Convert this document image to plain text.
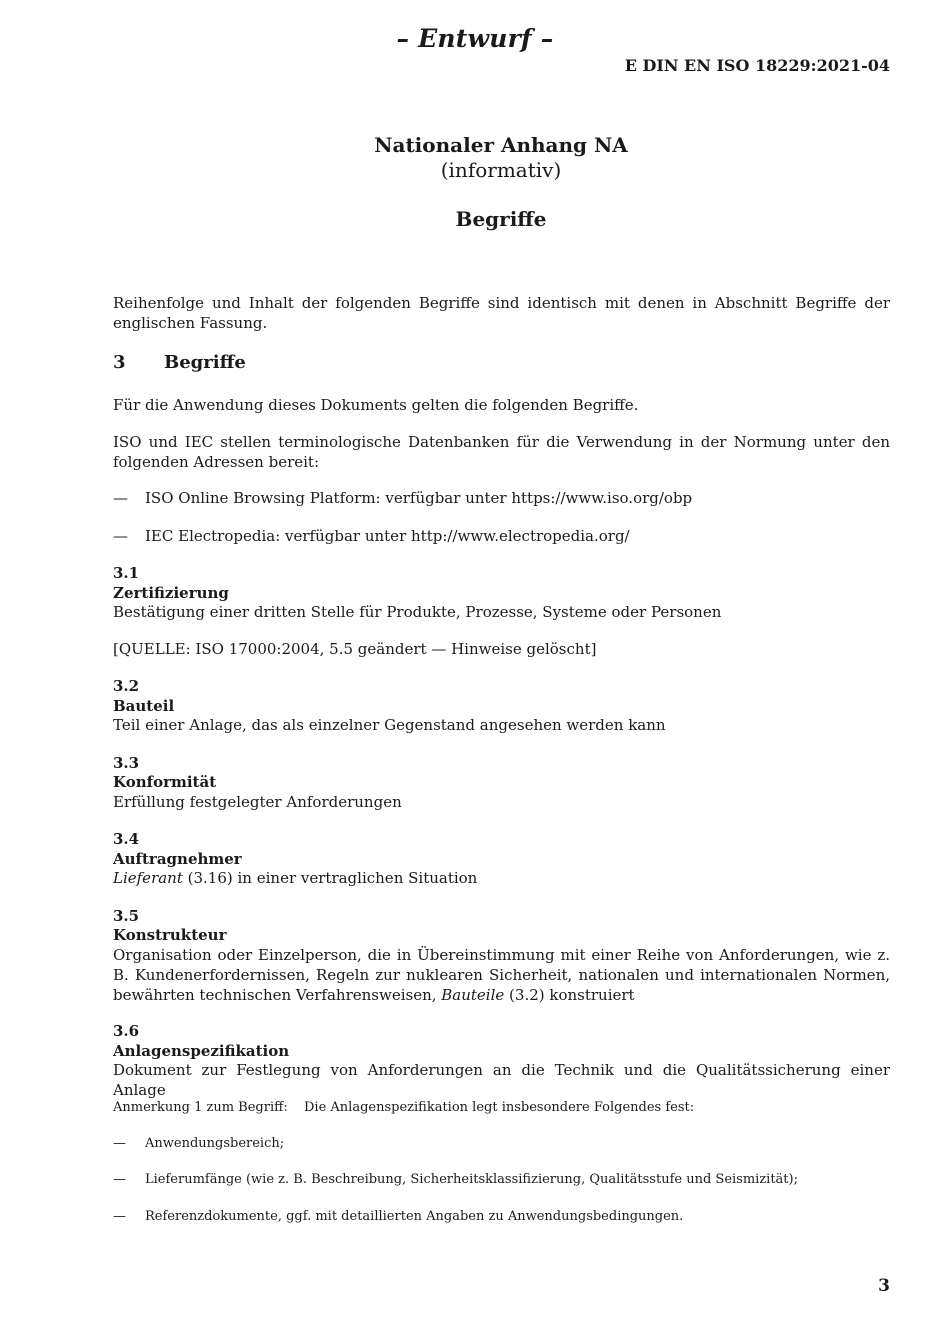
– Entwurf –
E DIN EN ISO 18229:2021-04
Nationaler Anhang NA
(informativ)
Begriffe
Reihenfolge und Inhalt der folgenden Begriffe sind identisch mit denen in Abschnitt Begriffe der englischen Fassung.
3 Begriffe
Für die Anwendung dieses Dokuments gelten die folgenden Begriffe.
ISO und IEC stellen terminologische Datenbanken für die Verwendung in der Normung unter den folgenden Adressen bereit:
— ISO Online Browsing Platform: verfügbar unter https://www.iso.org/obp
— IEC Electropedia: verfügbar unter http://www.electropedia.org/
3.1
Zertifizierung
Bestätigung einer dritten Stelle für Produkte, Prozesse, Systeme oder Personen
[QUELLE: ISO 17000:2004, 5.5 geändert — Hinweise gelöscht]
3.2
Bauteil
Teil einer Anlage, das als einzelner Gegenstand angesehen werden kann
3.3
Konformität
Erfüllung festgelegter Anforderungen
3.4
Auftragnehmer
Lieferant (3.16) in einer vertraglichen Situation
3.5
Konstrukteur
Organisation oder Einzelperson, die in Übereinstimmung mit einer Reihe von Anforderungen, wie z. B. Kundenerfordernissen, Regeln zur nuklearen Sicherheit, nationalen und internationalen Normen, bewährten technischen Verfahrensweisen, Bauteile (3.2) konstruiert
3.6
Anlagenspezifikation
Dokument zur Festlegung von Anforderungen an die Technik und die Qualitätssicherung einer Anlage
Anmerkung 1 zum Begriff: Die Anlagenspezifikation legt insbesondere Folgendes fest:
— Anwendungsbereich;
— Lieferumfänge (wie z. B. Beschreibung, Sicherheitsklassifizierung, Qualitätsstufe und Seismizität);
— Referenzdokumente, ggf. mit detaillierten Angaben zu Anwendungsbedingungen.
3
